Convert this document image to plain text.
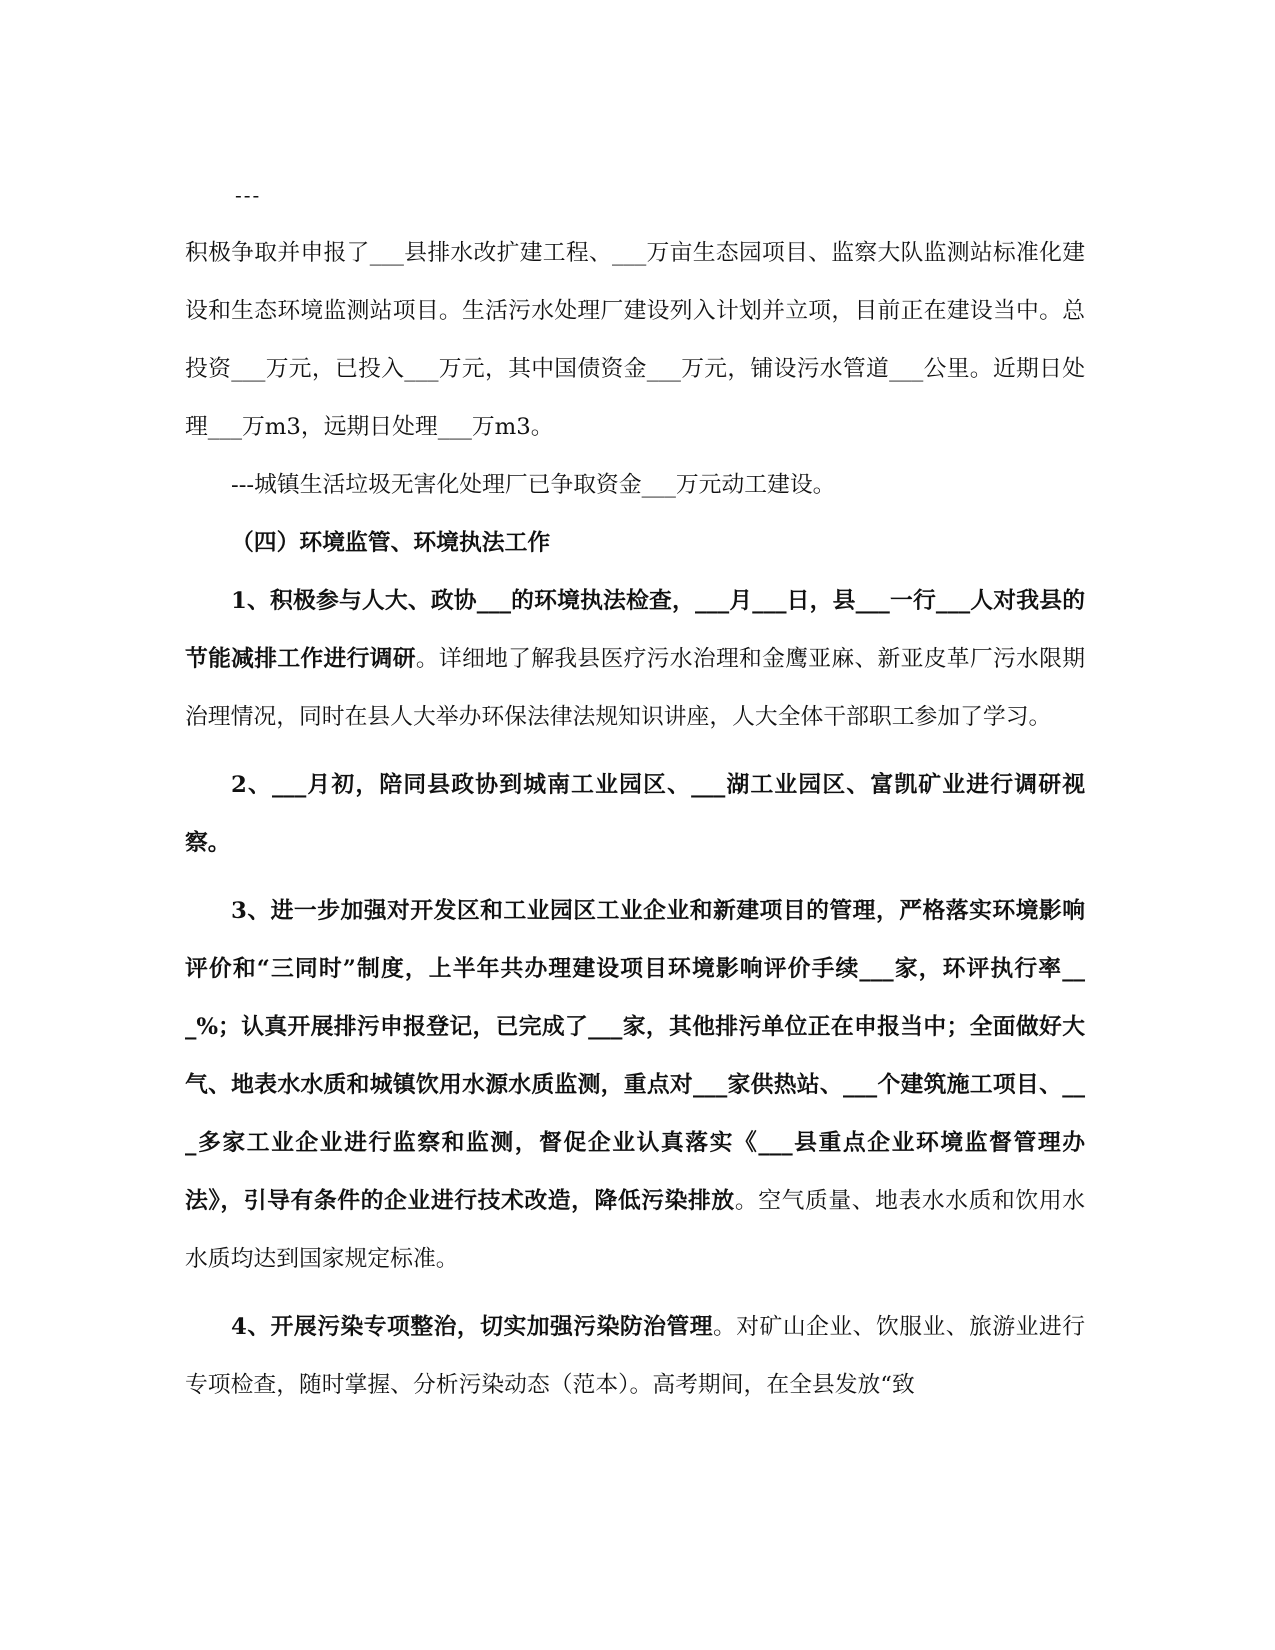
---

积极争取并申报了___县排水改扩建工程、___万亩生态园项目、监察大队监测站标准化建设和生态环境监测站项目。生活污水处理厂建设列入计划并立项，目前正在建设当中。总投资___万元，已投入___万元，其中国债资金___万元，铺设污水管道___公里。近期日处理___万m3，远期日处理___万m3。

---城镇生活垃圾无害化处理厂已争取资金___万元动工建设。

（四）环境监管、环境执法工作

1、积极参与人大、政协___的环境执法检查，___月___日，县___一行___人对我县的节能减排工作进行调研。详细地了解我县医疗污水治理和金鹰亚麻、新亚皮革厂污水限期治理情况，同时在县人大举办环保法律法规知识讲座，人大全体干部职工参加了学习。

2、___月初，陪同县政协到城南工业园区、___湖工业园区、富凯矿业进行调研视察。

3、进一步加强对开发区和工业园区工业企业和新建项目的管理，严格落实环境影响评价和“三同时”制度，上半年共办理建设项目环境影响评价手续___家，环评执行率___%；认真开展排污申报登记，已完成了___家，其他排污单位正在申报当中；全面做好大气、地表水水质和城镇饮用水源水质监测，重点对___家供热站、___个建筑施工项目、___多家工业企业进行监察和监测，督促企业认真落实《___县重点企业环境监督管理办法》，引导有条件的企业进行技术改造，降低污染排放。空气质量、地表水水质和饮用水水质均达到国家规定标准。

4、开展污染专项整治，切实加强污染防治管理。对矿山企业、饮服业、旅游业进行专项检查，随时掌握、分析污染动态（范本）。高考期间，在全县发放“致
